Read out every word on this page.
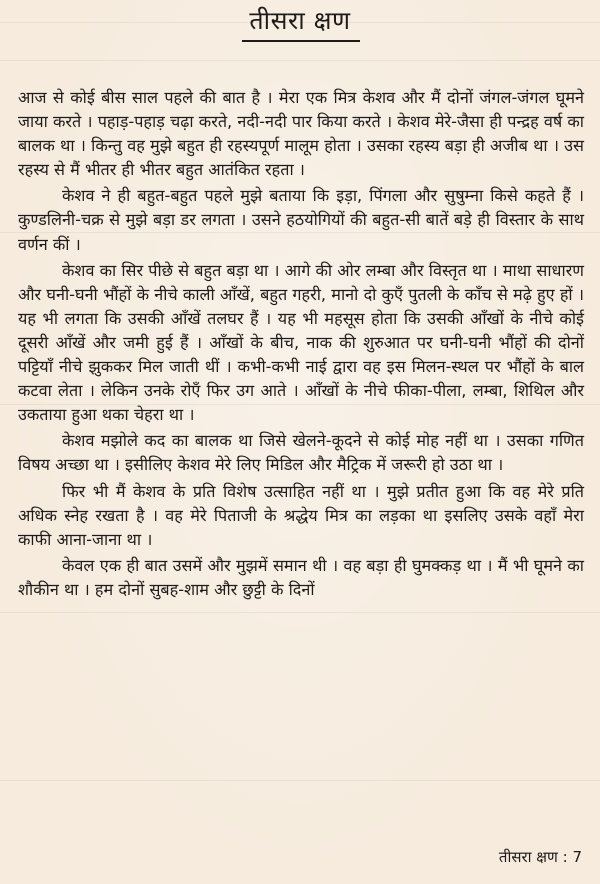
तीसरा क्षण

आज से कोई बीस साल पहले की बात है । मेरा एक मित्र केशव और मैं दोनों जंगल-जंगल घूमने जाया करते । पहाड़-पहाड़ चढ़ा करते, नदी-नदी पार किया करते । केशव मेरे-जैसा ही पन्द्रह वर्ष का बालक था । किन्तु वह मुझे बहुत ही रहस्यपूर्ण मालूम होता । उसका रहस्य बड़ा ही अजीब था । उस रहस्य से मैं भीतर ही भीतर बहुत आतंकित रहता ।

केशव ने ही बहुत-बहुत पहले मुझे बताया कि इड़ा, पिंगला और सुषुम्ना किसे कहते हैं । कुण्डलिनी-चक्र से मुझे बड़ा डर लगता । उसने हठयोगियों की बहुत-सी बातें बड़े ही विस्तार के साथ वर्णन कीं ।

केशव का सिर पीछे से बहुत बड़ा था । आगे की ओर लम्बा और विस्तृत था । माथा साधारण और घनी-घनी भौंहों के नीचे काली आँखें, बहुत गहरी, मानो दो कुएँ पुतली के काँच से मढ़े हुए हों । यह भी लगता कि उसकी आँखें तलघर हैं । यह भी महसूस होता कि उसकी आँखों के नीचे कोई दूसरी आँखें और जमी हुई हैं । आँखों के बीच, नाक की शुरुआत पर घनी-घनी भौंहों की दोनों पट्टियाँ नीचे झुककर मिल जाती थीं । कभी-कभी नाई द्वारा वह इस मिलन-स्थल पर भौंहों के बाल कटवा लेता । लेकिन उनके रोएँ फिर उग आते । आँखों के नीचे फीका-पीला, लम्बा, शिथिल और उकताया हुआ थका चेहरा था ।

केशव मझोले कद का बालक था जिसे खेलने-कूदने से कोई मोह नहीं था । उसका गणित विषय अच्छा था । इसीलिए केशव मेरे लिए मिडिल और मैट्रिक में जरूरी हो उठा था ।

फिर भी मैं केशव के प्रति विशेष उत्साहित नहीं था । मुझे प्रतीत हुआ कि वह मेरे प्रति अधिक स्नेह रखता है । वह मेरे पिताजी के श्रद्धेय मित्र का लड़का था इसलिए उसके वहाँ मेरा काफी आना-जाना था ।

केवल एक ही बात उसमें और मुझमें समान थी । वह बड़ा ही घुमक्कड़ था । मैं भी घूमने का शौकीन था । हम दोनों सुबह-शाम और छुट्टी के दिनों

तीसरा क्षण : 7
